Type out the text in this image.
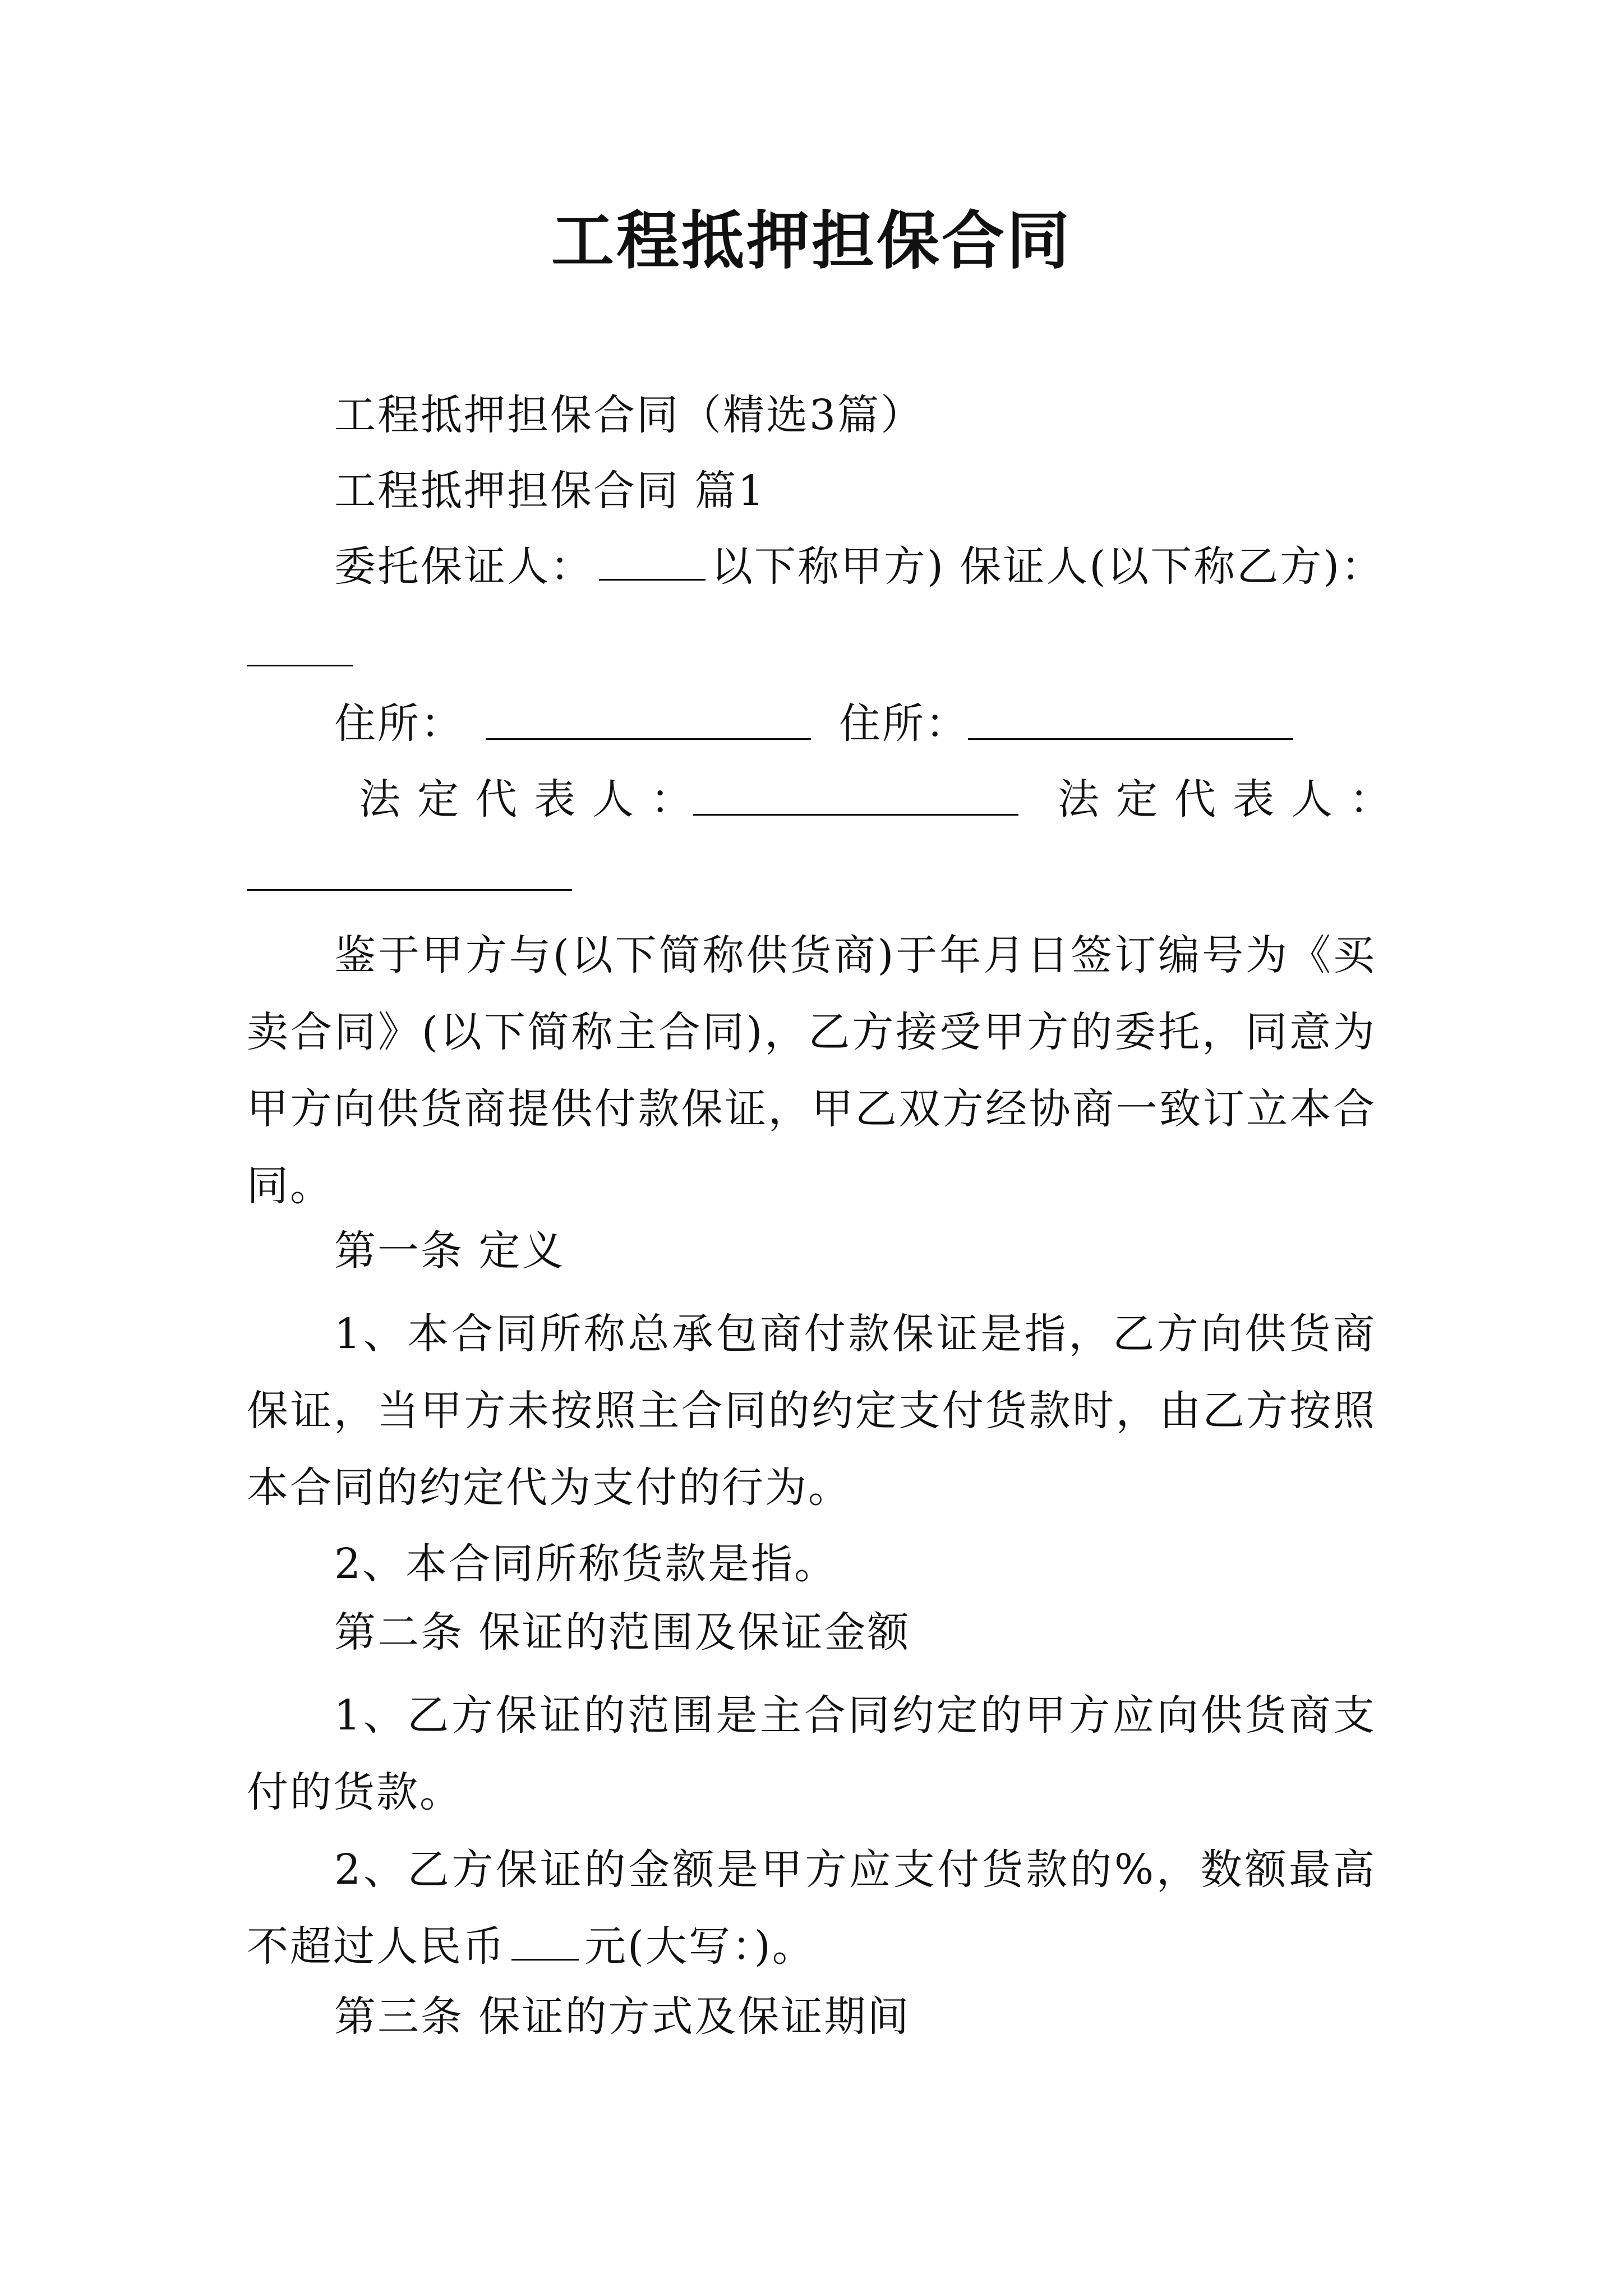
工程抵押担保合同
工程抵押担保合同（精选3篇）
工程抵押担保合同 篇1
委托保证人：	以下称甲方) 保证人(以下称乙方)：
住所：	住所：
法定代表人：	法定代表人：
鉴于甲方与(以下简称供货商)于年月日签订编号为《买卖合同》(以下简称主合同)，乙方接受甲方的委托，同意为甲方向供货商提供付款保证，甲乙双方经协商一致订立本合同。
第一条 定义
1、本合同所称总承包商付款保证是指，乙方向供货商保证，当甲方未按照主合同的约定支付货款时，由乙方按照本合同的约定代为支付的行为。
2、本合同所称货款是指。
第二条 保证的范围及保证金额
1、乙方保证的范围是主合同约定的甲方应向供货商支付的货款。
2、乙方保证的金额是甲方应支付货款的%，数额最高不超过人民币 元(大写：)。
第三条 保证的方式及保证期间
